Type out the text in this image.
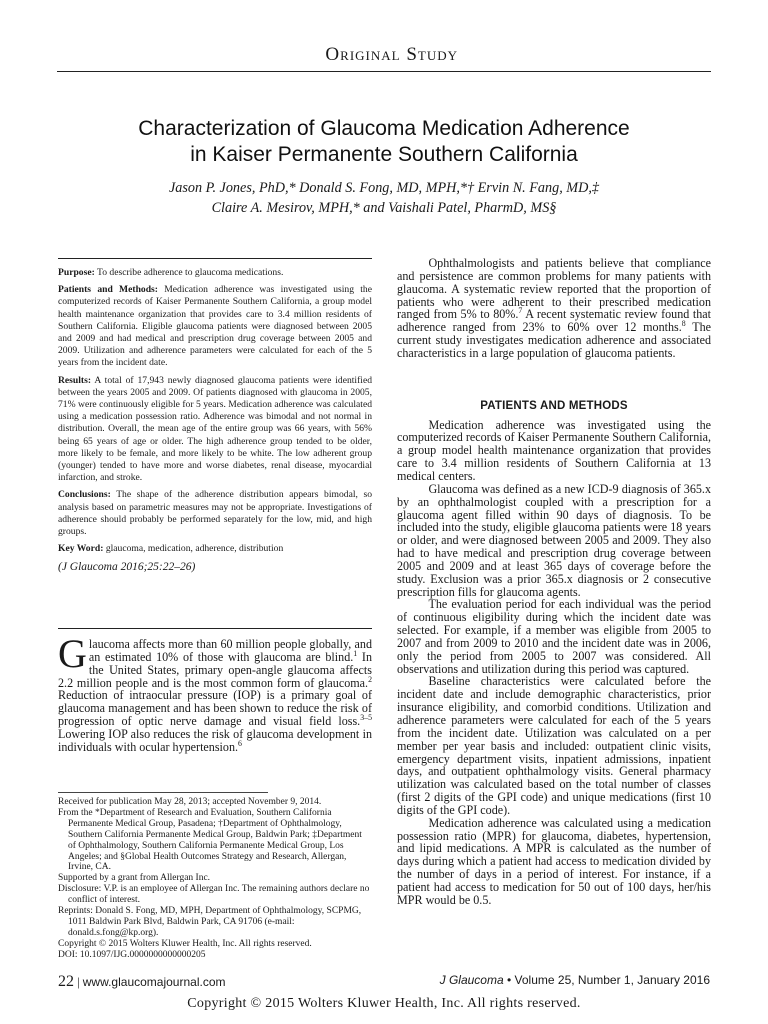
Original Study
Characterization of Glaucoma Medication Adherence
in Kaiser Permanente Southern California
Jason P. Jones, PhD,* Donald S. Fong, MD, MPH,*† Ervin N. Fang, MD,‡
Claire A. Mesirov, MPH,* and Vaishali Patel, PharmD, MS§

Purpose: To describe adherence to glaucoma medications.

Patients and Methods: Medication adherence was investigated using the computerized records of Kaiser Permanente Southern California, a group model health maintenance organization that provides care to 3.4 million residents of Southern California. Eligible glaucoma patients were diagnosed between 2005 and 2009 and had medical and prescription drug coverage between 2005 and 2009. Utilization and adherence parameters were calculated for each of the 5 years from the incident date.

Results: A total of 17,943 newly diagnosed glaucoma patients were identified between the years 2005 and 2009. Of patients diagnosed with glaucoma in 2005, 71% were continuously eligible for 5 years. Medication adherence was calculated using a medication possession ratio. Adherence was bimodal and not normal in distribution. Overall, the mean age of the entire group was 66 years, with 56% being 65 years of age or older. The high adherence group tended to be older, more likely to be female, and more likely to be white. The low adherent group (younger) tended to have more and worse diabetes, renal disease, myocardial infarction, and stroke.

Conclusions: The shape of the adherence distribution appears bimodal, so analysis based on parametric measures may not be appropriate. Investigations of adherence should probably be performed separately for the low, mid, and high groups.

Key Word: glaucoma, medication, adherence, distribution

(J Glaucoma 2016;25:22–26)

Glaucoma affects more than 60 million people globally, and an estimated 10% of those with glaucoma are blind.$^1$ In the United States, primary open-angle glaucoma affects 2.2 million people and is the most common form of glaucoma.$^2$ Reduction of intraocular pressure (IOP) is a primary goal of glaucoma management and has been shown to reduce the risk of progression of optic nerve damage and visual field loss.$^{3-5}$ Lowering IOP also reduces the risk of glaucoma development in individuals with ocular hypertension.$^6$

Received for publication May 28, 2013; accepted November 9, 2014.
From the *Department of Research and Evaluation, Southern California Permanente Medical Group, Pasadena; †Department of Ophthalmology, Southern California Permanente Medical Group, Baldwin Park; ‡Department of Ophthalmology, Southern California Permanente Medical Group, Los Angeles; and §Global Health Outcomes Strategy and Research, Allergan, Irvine, CA.
Supported by a grant from Allergan Inc.
Disclosure: V.P. is an employee of Allergan Inc. The remaining authors declare no conflict of interest.
Reprints: Donald S. Fong, MD, MPH, Department of Ophthalmology, SCPMG, 1011 Baldwin Park Blvd, Baldwin Park, CA 91706 (e-mail: donald.s.fong@kp.org).
Copyright © 2015 Wolters Kluwer Health, Inc. All rights reserved.
DOI: 10.1097/IJG.0000000000000205

Ophthalmologists and patients believe that compliance and persistence are common problems for many patients with glaucoma. A systematic review reported that the proportion of patients who were adherent to their prescribed medication ranged from 5% to 80%.$^7$ A recent systematic review found that adherence ranged from 23% to 60% over 12 months.$^8$ The current study investigates medication adherence and associated characteristics in a large population of glaucoma patients.

PATIENTS AND METHODS

Medication adherence was investigated using the computerized records of Kaiser Permanente Southern California, a group model health maintenance organization that provides care to 3.4 million residents of Southern California at 13 medical centers.

Glaucoma was defined as a new ICD-9 diagnosis of 365.x by an ophthalmologist coupled with a prescription for a glaucoma agent filled within 90 days of diagnosis. To be included into the study, eligible glaucoma patients were 18 years or older, and were diagnosed between 2005 and 2009. They also had to have medical and prescription drug coverage between 2005 and 2009 and at least 365 days of coverage before the study. Exclusion was a prior 365.x diagnosis or 2 consecutive prescription fills for glaucoma agents.

The evaluation period for each individual was the period of continuous eligibility during which the incident date was selected. For example, if a member was eligible from 2005 to 2007 and from 2009 to 2010 and the incident date was in 2006, only the period from 2005 to 2007 was considered. All observations and utilization during this period was captured.

Baseline characteristics were calculated before the incident date and include demographic characteristics, prior insurance eligibility, and comorbid conditions. Utilization and adherence parameters were calculated for each of the 5 years from the incident date. Utilization was calculated on a per member per year basis and included: outpatient clinic visits, emergency department visits, inpatient admissions, inpatient days, and outpatient ophthalmology visits. General pharmacy utilization was calculated based on the total number of classes (first 2 digits of the GPI code) and unique medications (first 10 digits of the GPI code).

Medication adherence was calculated using a medication possession ratio (MPR) for glaucoma, diabetes, hypertension, and lipid medications. A MPR is calculated as the number of days during which a patient had access to medication divided by the number of days in a period of interest. For instance, if a patient had access to medication for 50 out of 100 days, her/his MPR would be 0.5.

22 | www.glaucomajournal.com	J Glaucoma • Volume 25, Number 1, January 2016
Copyright © 2015 Wolters Kluwer Health, Inc. All rights reserved.
